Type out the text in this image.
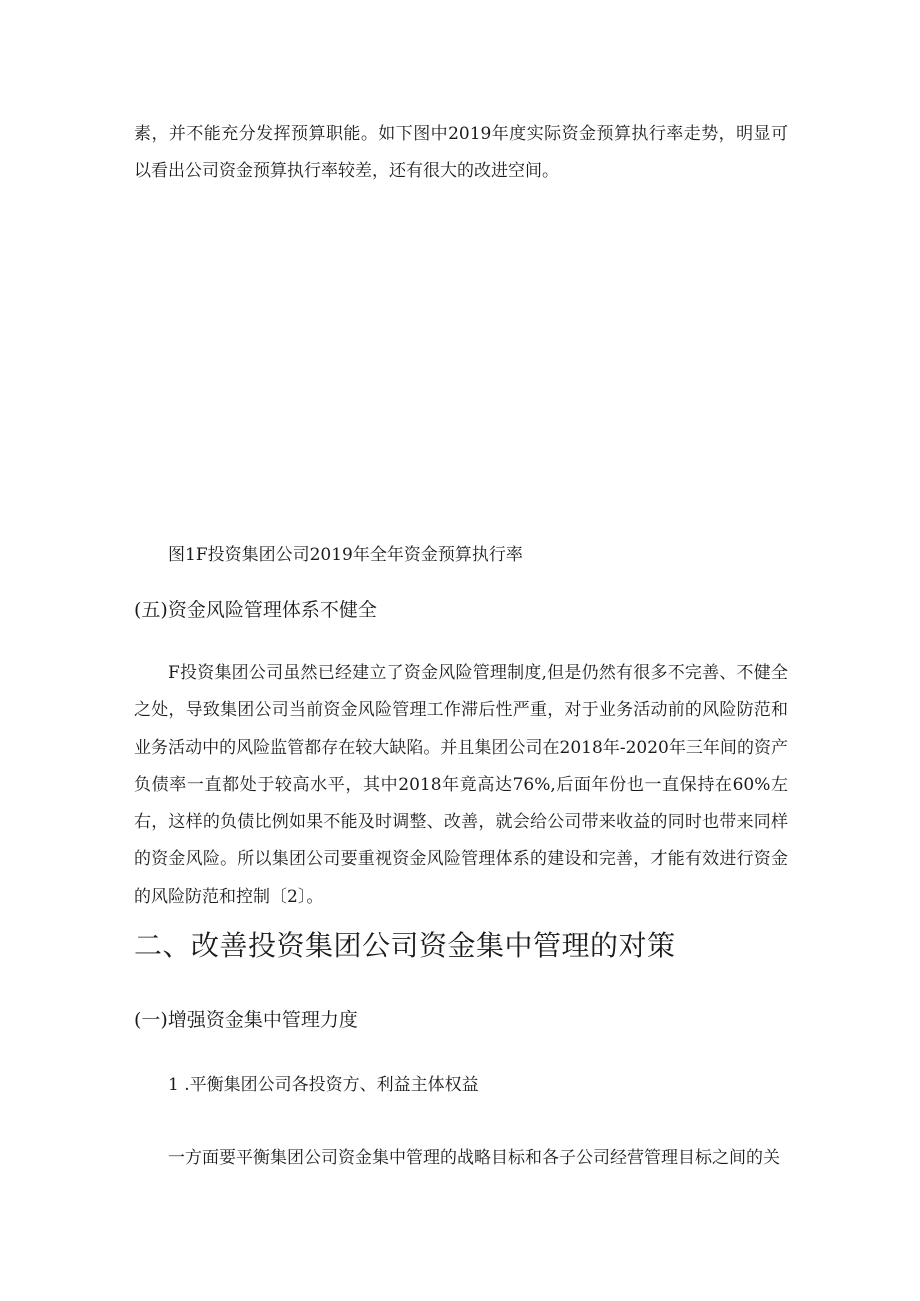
素，并不能充分发挥预算职能。如下图中2019年度实际资金预算执行率走势，明显可以看出公司资金预算执行率较差，还有很大的改进空间。

图1F投资集团公司2019年全年资金预算执行率

(五)资金风险管理体系不健全

F投资集团公司虽然已经建立了资金风险管理制度,但是仍然有很多不完善、不健全之处，导致集团公司当前资金风险管理工作滞后性严重，对于业务活动前的风险防范和业务活动中的风险监管都存在较大缺陷。并且集团公司在2018年-2020年三年间的资产负债率一直都处于较高水平，其中2018年竟高达76%,后面年份也一直保持在60%左右，这样的负债比例如果不能及时调整、改善，就会给公司带来收益的同时也带来同样的资金风险。所以集团公司要重视资金风险管理体系的建设和完善，才能有效进行资金的风险防范和控制〔2〕。

二、改善投资集团公司资金集中管理的对策

(一)增强资金集中管理力度

1 .平衡集团公司各投资方、利益主体权益

一方面要平衡集团公司资金集中管理的战略目标和各子公司经营管理目标之间的关
